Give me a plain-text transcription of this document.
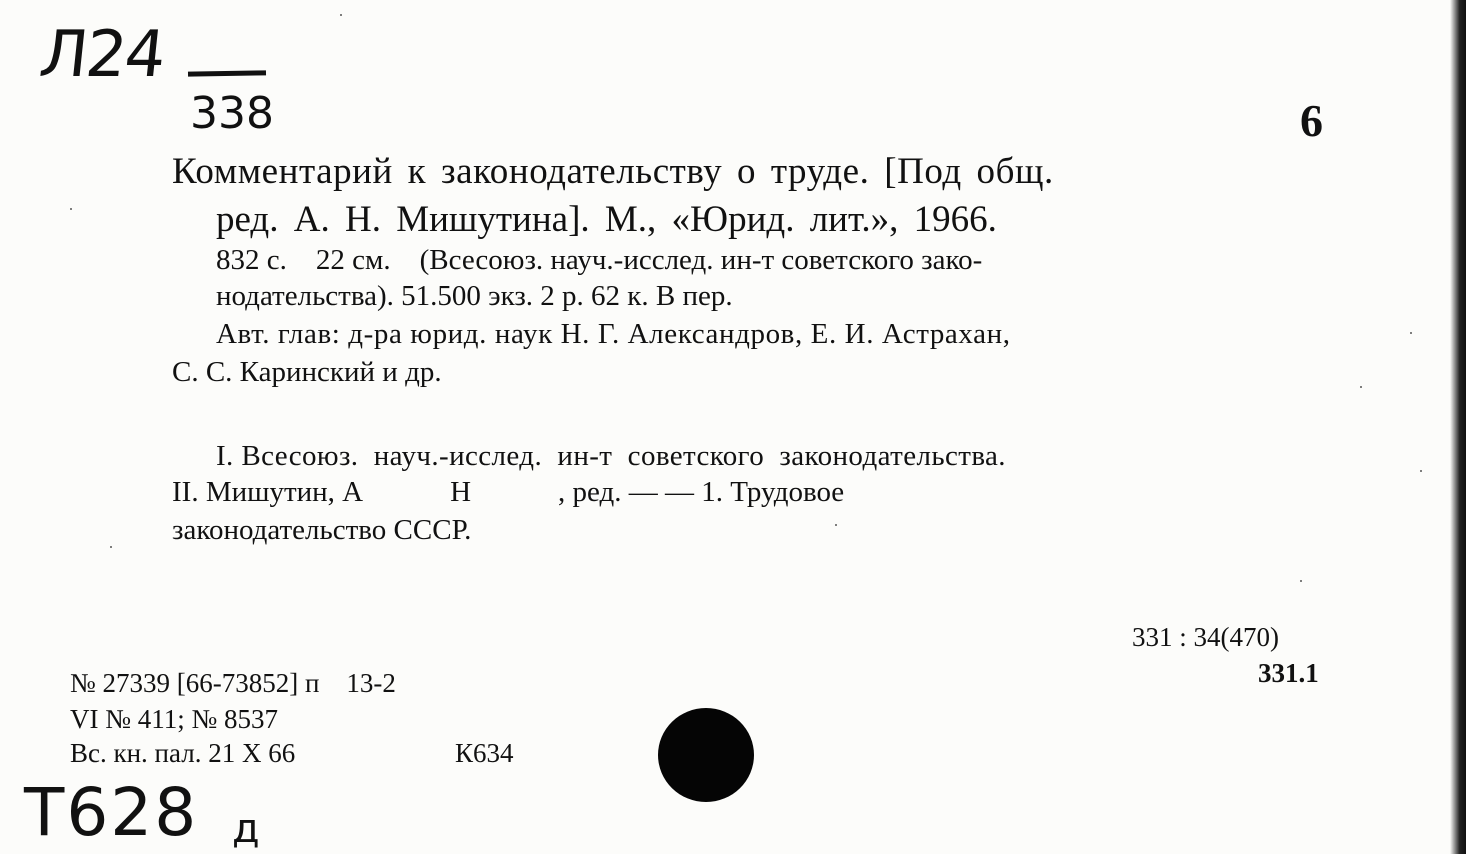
Л24
338	6
Комментарий к законодательству о труде. [Под общ.
ред. А. Н. Мишутина]. М., «Юрид. лит.», 1966.
832 с.    22 см.    (Всесоюз. науч.-исслед. ин-т советского зако-
нодательства). 51.500 экз. 2 р. 62 к. В пер.
Авт. глав: д-ра юрид. наук Н. Г. Александров, Е. И. Астрахан,
С. С. Каринский и др.
I. Всесоюз.  науч.-исслед.  ин-т  советского  законодательства.
II. Мишутин, А            Н            , ред. — — 1. Трудовое
законодательство СССР.
331 : 34(470)
331.1
№ 27339 [66-73852] п    13-2
VI № 411; № 8537
Вс. кн. пал. 21 X 66	К634
Т628 д
